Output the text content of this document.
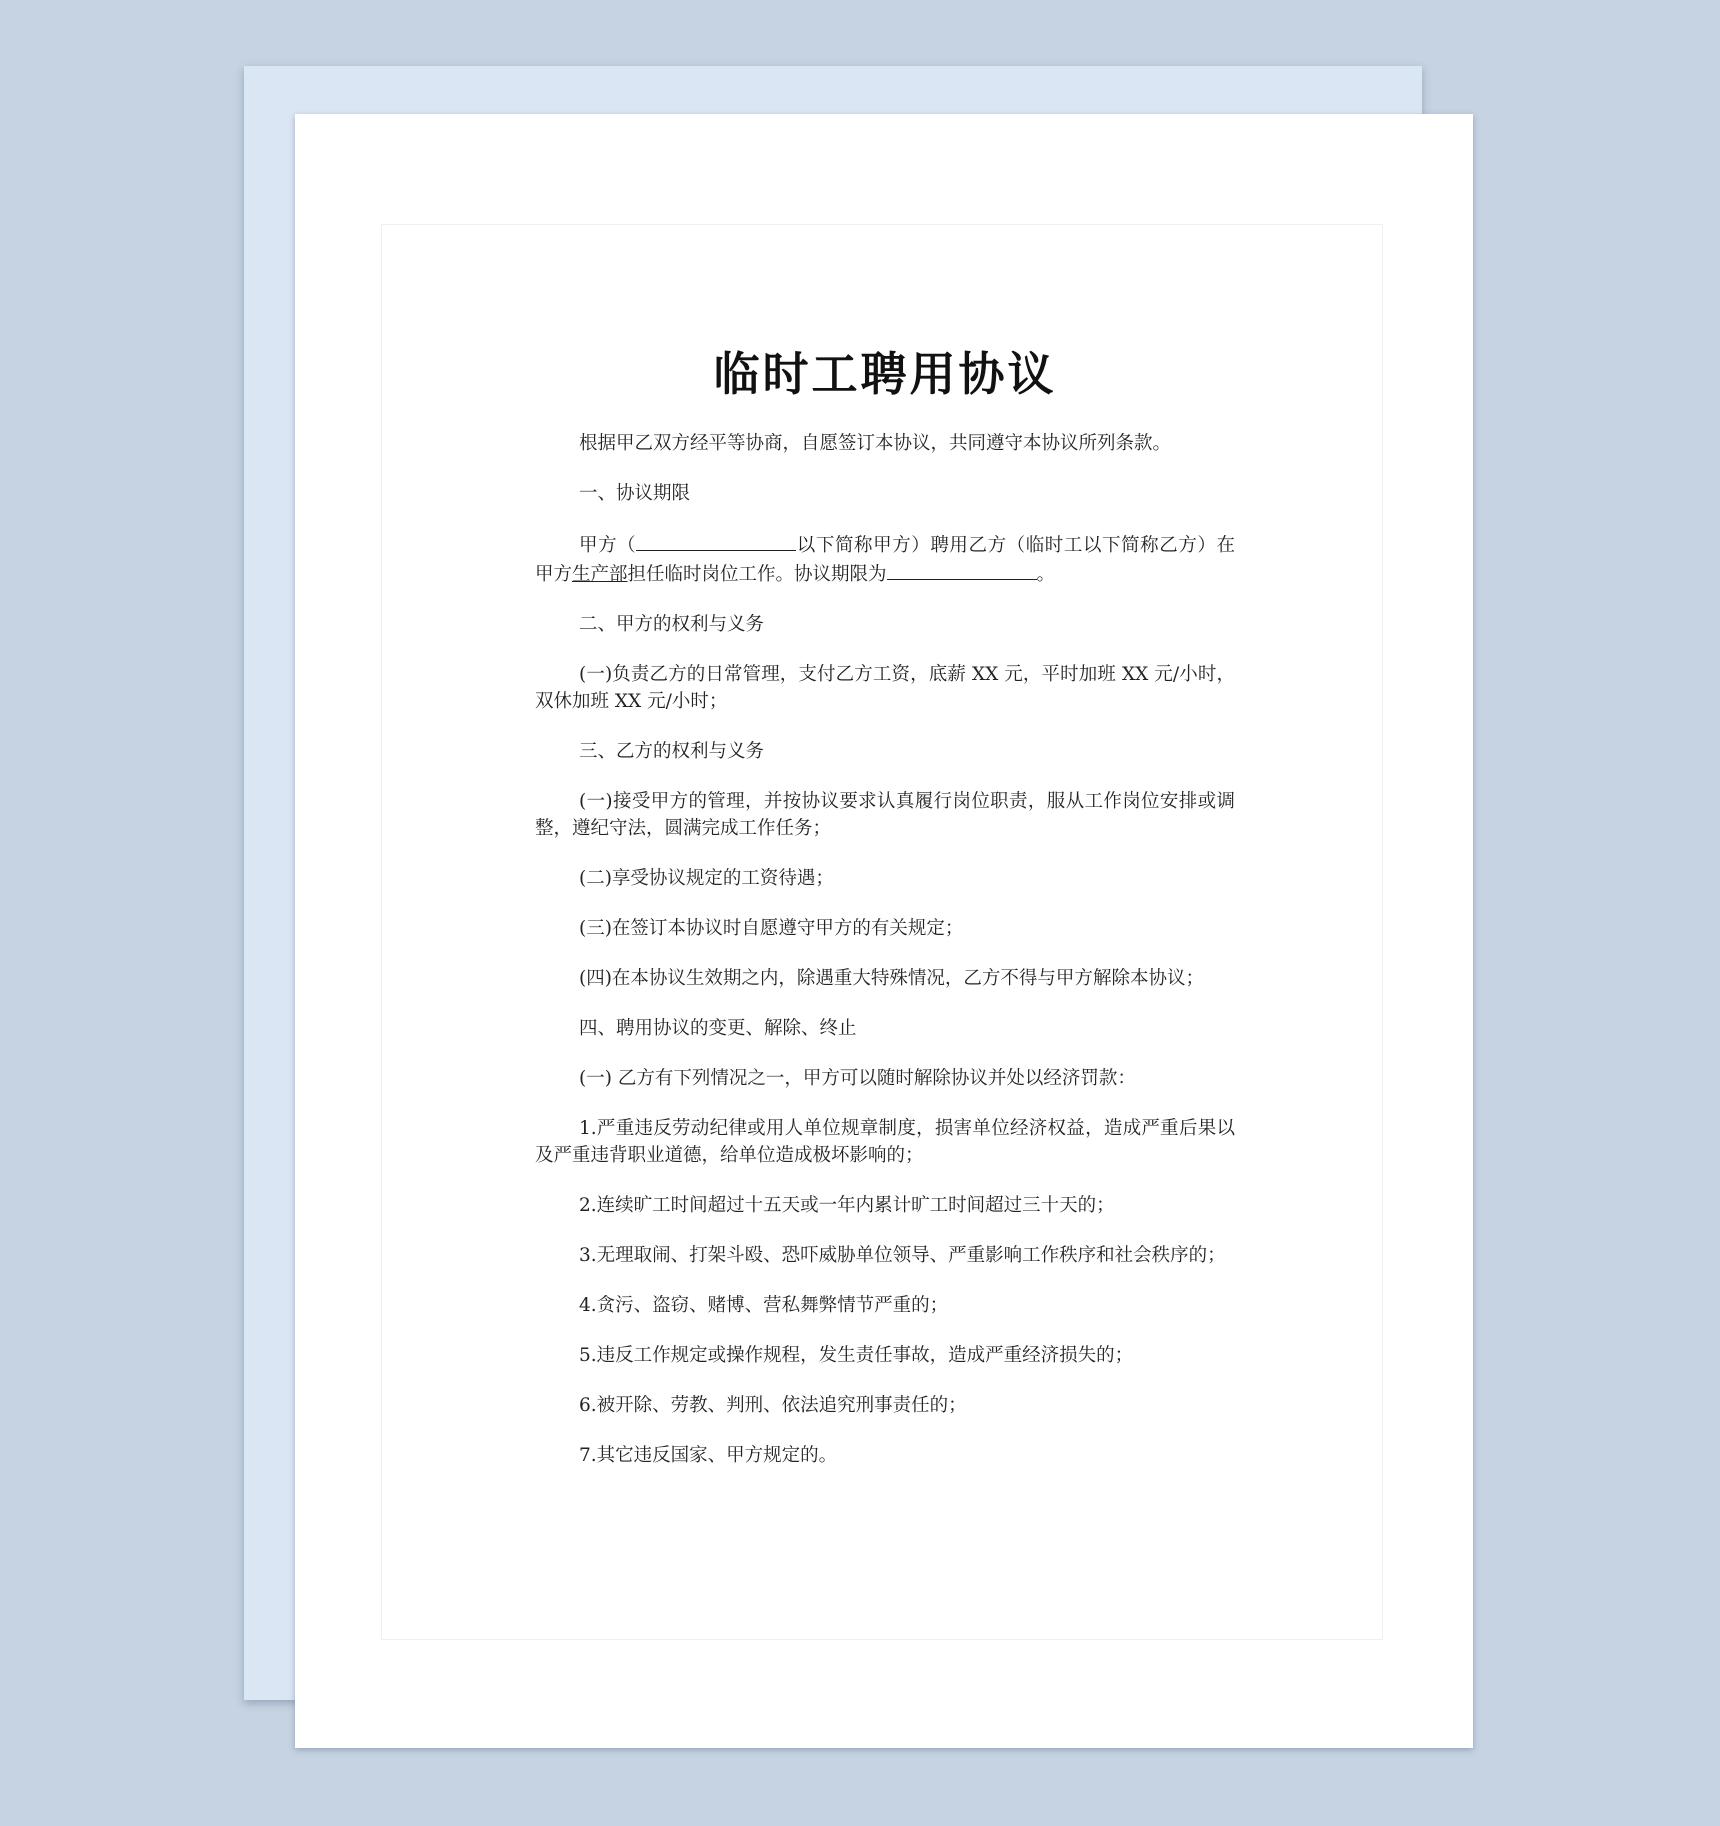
临时工聘用协议

根据甲乙双方经平等协商，自愿签订本协议，共同遵守本协议所列条款。

一、协议期限

甲方（	以下简称甲方）聘用乙方（临时工以下简称乙方）在甲方生产部担任临时岗位工作。协议期限为	。

二、甲方的权利与义务

(一)负责乙方的日常管理，支付乙方工资，底薪 XX 元，平时加班 XX 元/小时，双休加班 XX 元/小时；

三、乙方的权利与义务

(一)接受甲方的管理，并按协议要求认真履行岗位职责，服从工作岗位安排或调整，遵纪守法，圆满完成工作任务；

(二)享受协议规定的工资待遇；

(三)在签订本协议时自愿遵守甲方的有关规定；

(四)在本协议生效期之内，除遇重大特殊情况，乙方不得与甲方解除本协议；

四、聘用协议的变更、解除、终止

(一) 乙方有下列情况之一，甲方可以随时解除协议并处以经济罚款：

1.严重违反劳动纪律或用人单位规章制度，损害单位经济权益，造成严重后果以及严重违背职业道德，给单位造成极坏影响的；

2.连续旷工时间超过十五天或一年内累计旷工时间超过三十天的；

3.无理取闹、打架斗殴、恐吓威胁单位领导、严重影响工作秩序和社会秩序的；

4.贪污、盗窃、赌博、营私舞弊情节严重的；

5.违反工作规定或操作规程，发生责任事故，造成严重经济损失的；

6.被开除、劳教、判刑、依法追究刑事责任的；

7.其它违反国家、甲方规定的。
